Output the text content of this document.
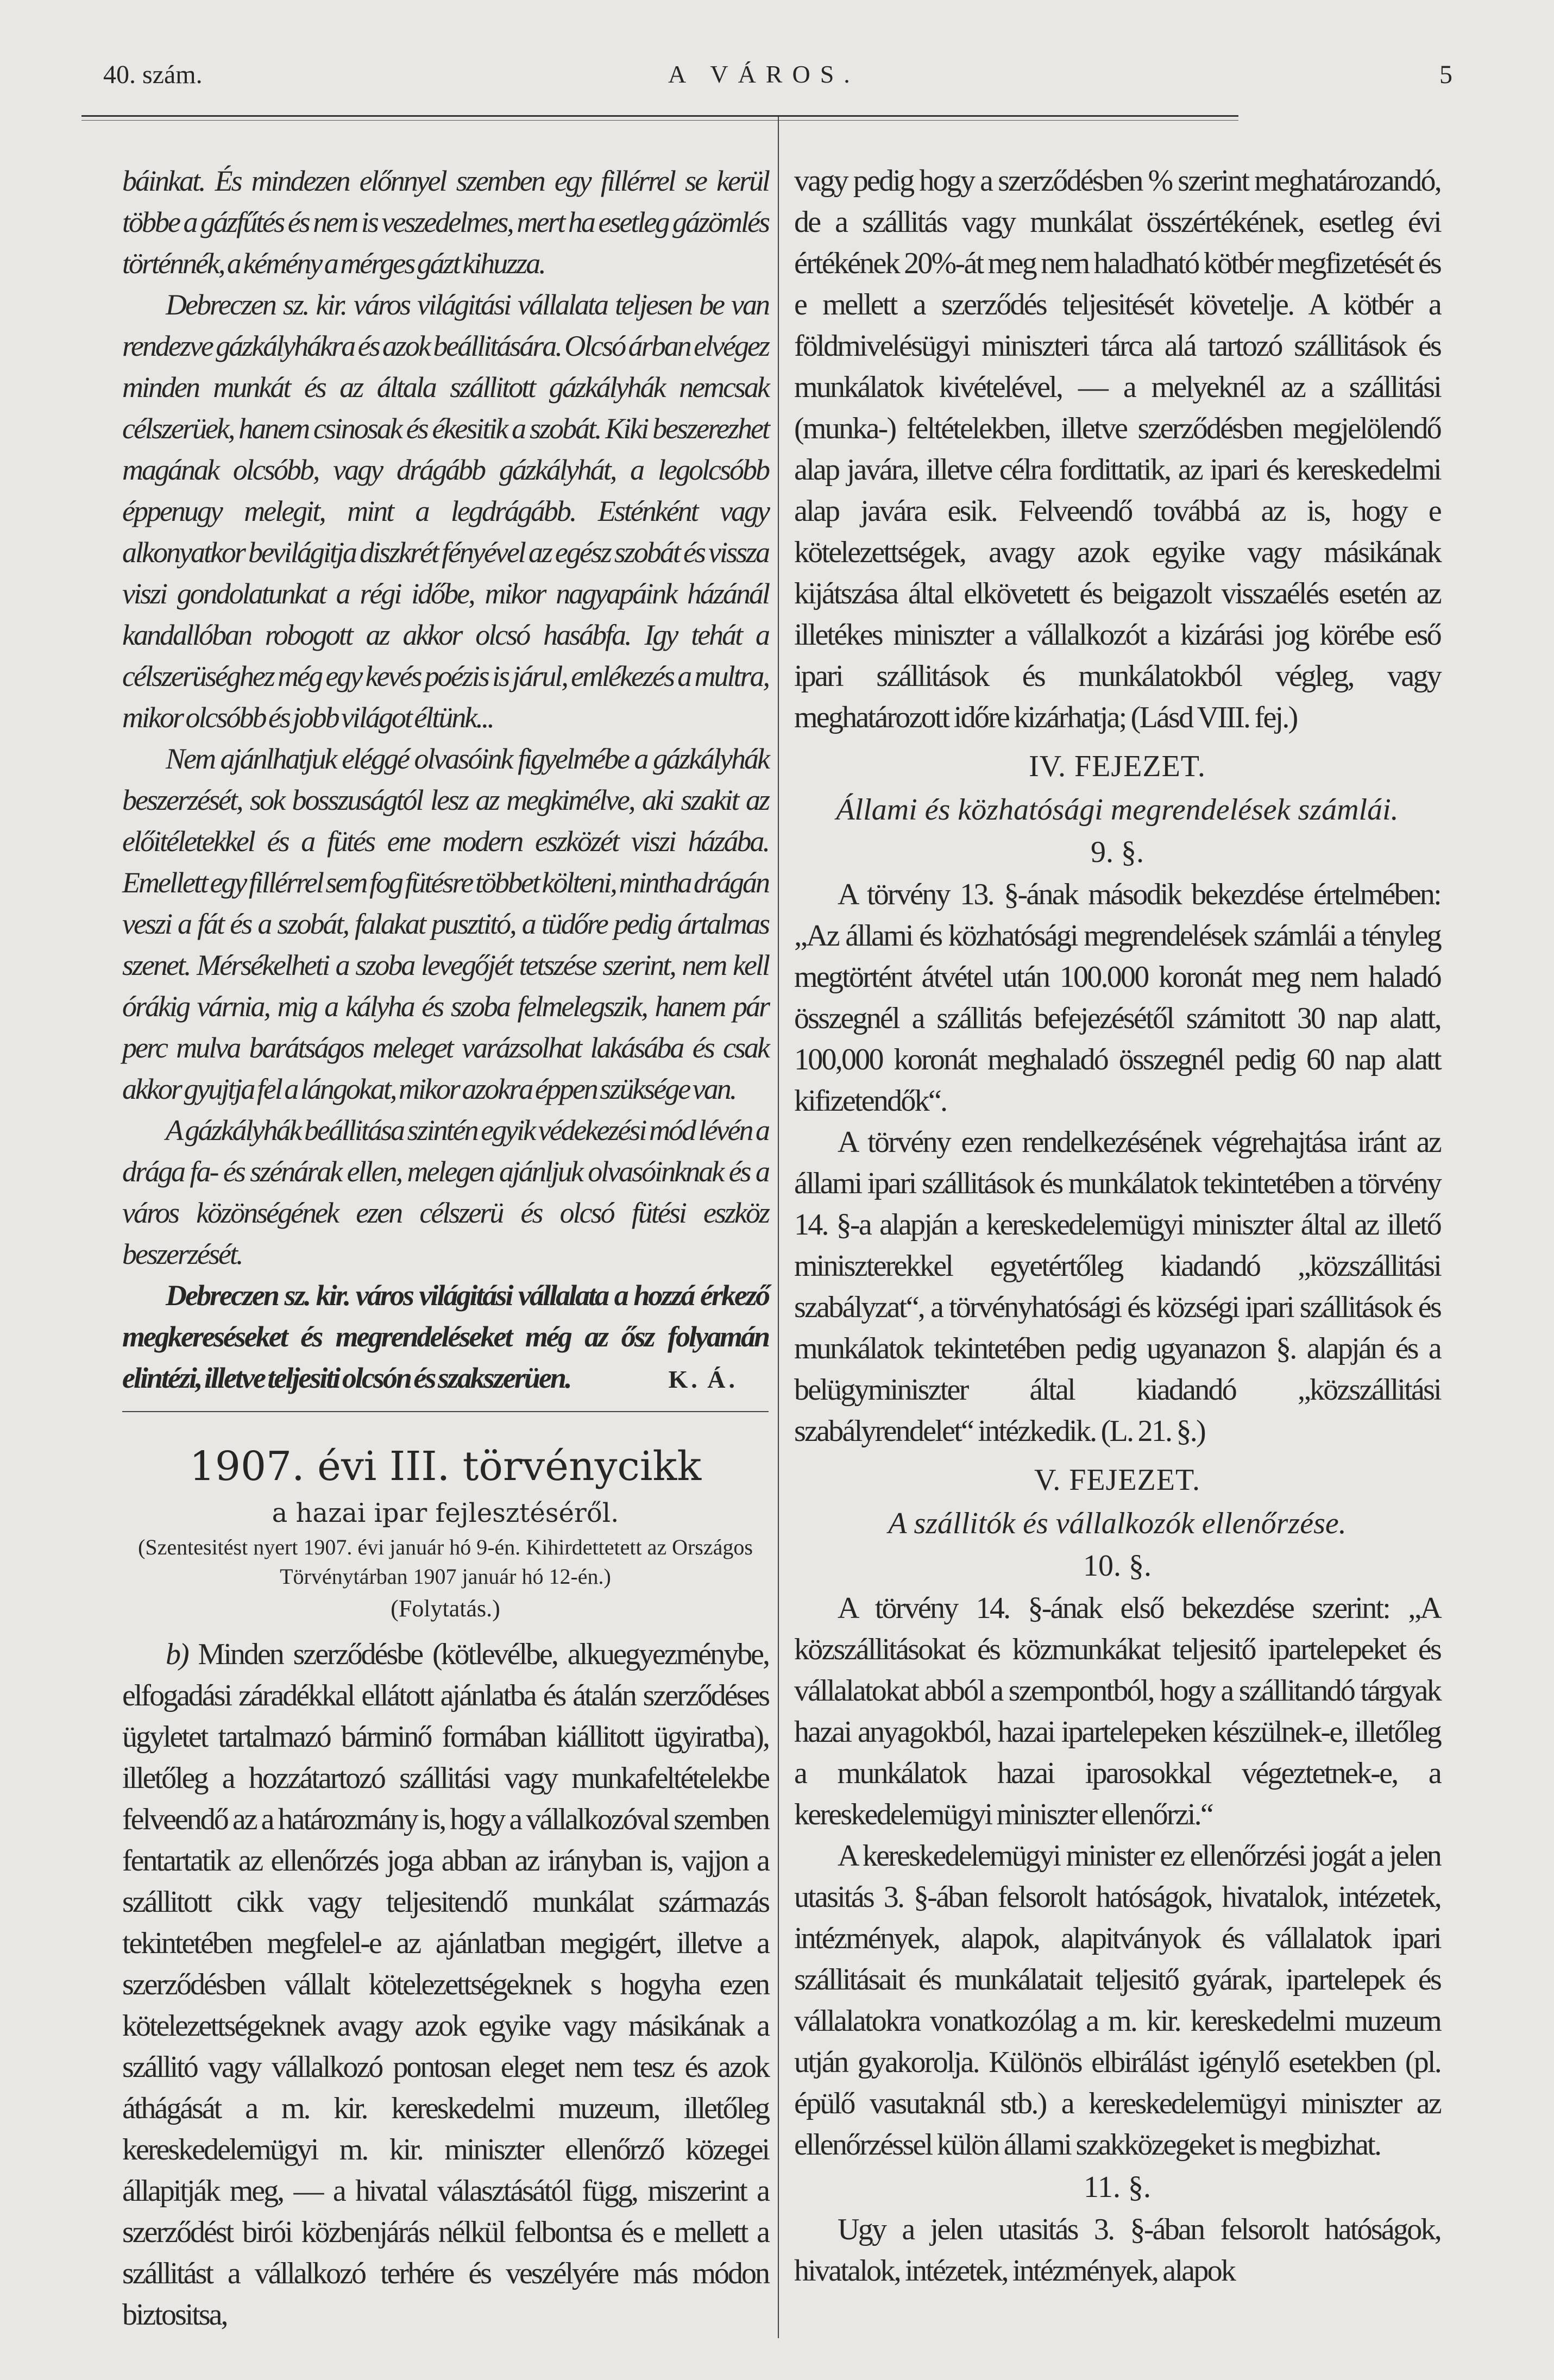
40. szám.	A VÁROS.	5

báinkat. És mindezen előnnyel szemben egy fillérrel se kerül többe a gázfűtés és nem is veszedelmes, mert ha esetleg gázömlés történnék, a kémény a mérges gázt kihuzza.

Debreczen sz. kir. város világitási vállalata teljesen be van rendezve gázkályhákra és azok beállitására. Olcsó árban elvégez minden munkát és az általa szállitott gázkályhák nemcsak célszerüek, hanem csinosak és ékesitik a szobát. Kiki beszerezhet magának olcsóbb, vagy drágább gázkályhát, a legolcsóbb éppenugy melegit, mint a legdrágább. Esténként vagy alkonyatkor bevilágitja diszkrét fényével az egész szobát és vissza viszi gondolatunkat a régi időbe, mikor nagyapáink házánál kandallóban robogott az akkor olcsó hasábfa. Igy tehát a célszerüséghez még egy kevés poézis is járul, emlékezés a multra, mikor olcsóbb és jobb világot éltünk...

Nem ajánlhatjuk eléggé olvasóink figyelmébe a gázkályhák beszerzését, sok bosszuságtól lesz az megkimélve, aki szakit az előitéletekkel és a fütés eme modern eszközét viszi házába. Emellett egy fillérrel sem fog fütésre többet költeni, mintha drágán veszi a fát és a szobát, falakat pusztitó, a tüdőre pedig ártalmas szenet. Mérsékelheti a szoba levegőjét tetszése szerint, nem kell órákig várnia, mig a kályha és szoba felmelegszik, hanem pár perc mulva barátságos meleget varázsolhat lakásába és csak akkor gyujtja fel a lángokat, mikor azokra éppen szüksége van.

A gázkályhák beállitása szintén egyik védekezési mód lévén a drága fa- és szénárak ellen, melegen ajánljuk olvasóinknak és a város közönségének ezen célszerü és olcsó fütési eszköz beszerzését.

Debreczen sz. kir. város világitási vállalata a hozzá érkező megkereséseket és megrendeléseket még az ősz folyamán elintézi, illetve teljesiti olcsón és szakszerüen.	K. Á.

1907. évi III. törvénycikk
a hazai ipar fejlesztéséről.
(Szentesitést nyert 1907. évi január hó 9-én. Kihirdettetett az Országos Törvénytárban 1907 január hó 12-én.)
(Folytatás.)

b) Minden szerződésbe (kötlevélbe, alkuegyezménybe, elfogadási záradékkal ellátott ajánlatba és átalán szerződéses ügyletet tartalmazó bárminő formában kiállitott ügyiratba), illetőleg a hozzátartozó szállitási vagy munkafeltételekbe felveendő az a határozmány is, hogy a vállalkozóval szemben fentartatik az ellenőrzés joga abban az irányban is, vajjon a szállitott cikk vagy teljesitendő munkálat származás tekintetében megfelel-e az ajánlatban megigért, illetve a szerződésben vállalt kötelezettségeknek s hogyha ezen kötelezettségeknek avagy azok egyike vagy másikának a szállitó vagy vállalkozó pontosan eleget nem tesz és azok áthágását a m. kir. kereskedelmi muzeum, illetőleg kereskedelemügyi m. kir. miniszter ellenőrző közegei állapitják meg, — a hivatal választásától függ, miszerint a szerződést birói közbenjárás nélkül felbontsa és e mellett a szállitást a vállalkozó terhére és veszélyére más módon biztositsa,

vagy pedig hogy a szerződésben % szerint meghatározandó, de a szállitás vagy munkálat összértékének, esetleg évi értékének 20%-át meg nem haladható kötbér megfizetését és e mellett a szerződés teljesitését követelje. A kötbér a földmivelésügyi miniszteri tárca alá tartozó szállitások és munkálatok kivételével, — a melyeknél az a szállitási (munka-) feltételekben, illetve szerződésben megjelölendő alap javára, illetve célra fordittatik, az ipari és kereskedelmi alap javára esik. Felveendő továbbá az is, hogy e kötelezettségek, avagy azok egyike vagy másikának kijátszása által elkövetett és beigazolt visszaélés esetén az illetékes miniszter a vállalkozót a kizárási jog körébe eső ipari szállitások és munkálatokból végleg, vagy meghatározott időre kizárhatja; (Lásd VIII. fej.)

IV. FEJEZET.
Állami és közhatósági megrendelések számlái.
9. §.

A törvény 13. §-ának második bekezdése értelmében: „Az állami és közhatósági megrendelések számlái a tényleg megtörtént átvétel után 100.000 koronát meg nem haladó összegnél a szállitás befejezésétől számitott 30 nap alatt, 100,000 koronát meghaladó összegnél pedig 60 nap alatt kifizetendők“.

A törvény ezen rendelkezésének végrehajtása iránt az állami ipari szállitások és munkálatok tekintetében a törvény 14. §-a alapján a kereskedelemügyi miniszter által az illető miniszterekkel egyetértőleg kiadandó „közszállitási szabályzat“, a törvényhatósági és községi ipari szállitások és munkálatok tekintetében pedig ugyanazon §. alapján és a belügyminiszter által kiadandó „közszállitási szabályrendelet“ intézkedik. (L. 21. §.)

V. FEJEZET.
A szállitók és vállalkozók ellenőrzése.
10. §.

A törvény 14. §-ának első bekezdése szerint: „A közszállitásokat és közmunkákat teljesitő ipartelepeket és vállalatokat abból a szempontból, hogy a szállitandó tárgyak hazai anyagokból, hazai ipartelepeken készülnek-e, illetőleg a munkálatok hazai iparosokkal végeztetnek-e, a kereskedelemügyi miniszter ellenőrzi.“

A kereskedelemügyi minister ez ellenőrzési jogát a jelen utasitás 3. §-ában felsorolt hatóságok, hivatalok, intézetek, intézmények, alapok, alapitványok és vállalatok ipari szállitásait és munkálatait teljesitő gyárak, ipartelepek és vállalatokra vonatkozólag a m. kir. kereskedelmi muzeum utján gyakorolja. Különös elbirálást igénylő esetekben (pl. épülő vasutaknál stb.) a kereskedelemügyi miniszter az ellenőrzéssel külön állami szakközegeket is megbizhat.

11. §.

Ugy a jelen utasitás 3. §-ában felsorolt hatóságok, hivatalok, intézetek, intézmények, alapok
